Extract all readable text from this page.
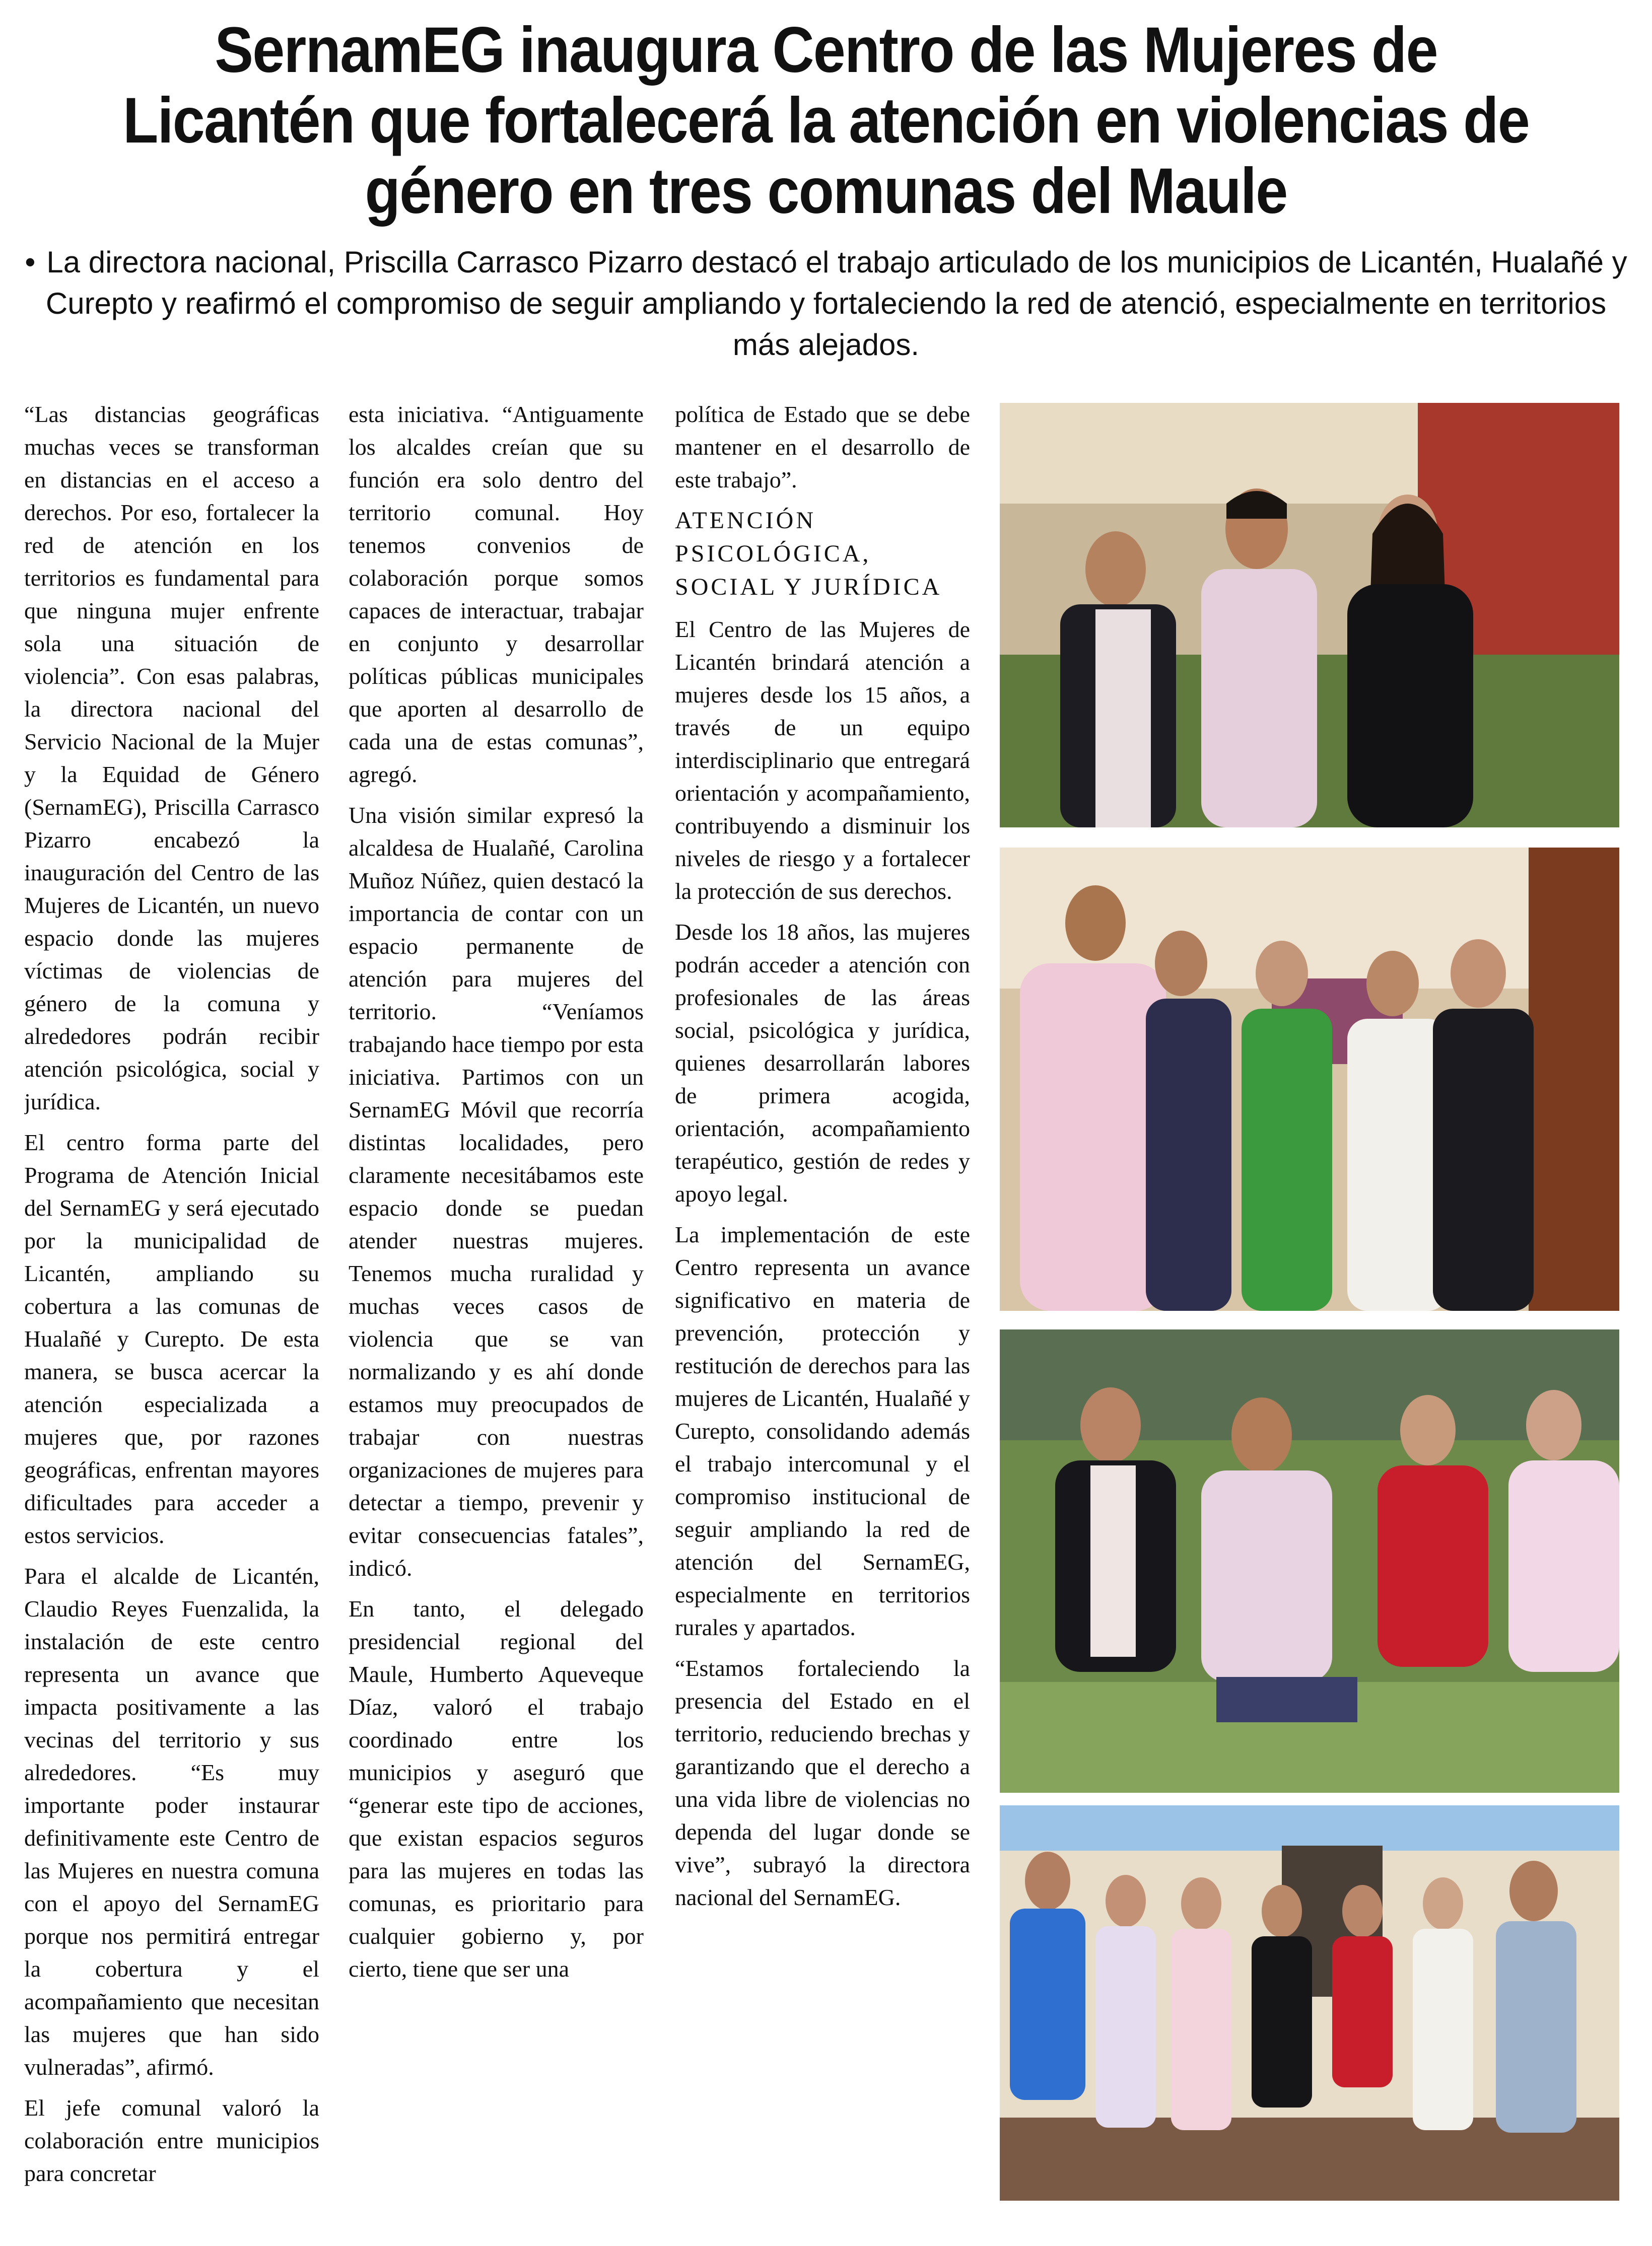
SernamEG inaugura Centro de las Mujeres de Licantén que fortalecerá la atención en violencias de género en tres comunas del Maule

• La directora nacional, Priscilla Carrasco Pizarro destacó el trabajo articulado de los municipios de Licantén, Hualañé y Curepto y reafirmó el compromiso de seguir ampliando y fortaleciendo la red de atenció, especialmente en territorios más alejados.

“Las distancias geográficas muchas veces se transforman en distancias en el acceso a derechos. Por eso, fortalecer la red de atención en los territorios es fundamental para que ninguna mujer enfrente sola una situación de violencia”. Con esas palabras, la directora nacional del Servicio Nacional de la Mujer y la Equidad de Género (SernamEG), Priscilla Carrasco Pizarro encabezó la inauguración del Centro de las Mujeres de Licantén, un nuevo espacio donde las mujeres víctimas de violencias de género de la comuna y alrededores podrán recibir atención psicológica, social y jurídica.

El centro forma parte del Programa de Atención Inicial del SernamEG y será ejecutado por la municipalidad de Licantén, ampliando su cobertura a las comunas de Hualañé y Curepto. De esta manera, se busca acercar la atención especializada a mujeres que, por razones geográficas, enfrentan mayores dificultades para acceder a estos servicios.

Para el alcalde de Licantén, Claudio Reyes Fuenzalida, la instalación de este centro representa un avance que impacta positivamente a las vecinas del territorio y sus alrededores. “Es muy importante poder instaurar definitivamente este Centro de las Mujeres en nuestra comuna con el apoyo del SernamEG porque nos permitirá entregar la cobertura y el acompañamiento que necesitan las mujeres que han sido vulneradas”, afirmó.

El jefe comunal valoró la colaboración entre municipios para concretar

esta iniciativa. “Antiguamente los alcaldes creían que su función era solo dentro del territorio comunal. Hoy tenemos convenios de colaboración porque somos capaces de interactuar, trabajar en conjunto y desarrollar políticas públicas municipales que aporten al desarrollo de cada una de estas comunas”, agregó.

Una visión similar expresó la alcaldesa de Hualañé, Carolina Muñoz Núñez, quien destacó la importancia de contar con un espacio permanente de atención para mujeres del territorio. “Veníamos trabajando hace tiempo por esta iniciativa. Partimos con un SernamEG Móvil que recorría distintas localidades, pero claramente necesitábamos este espacio donde se puedan atender nuestras mujeres. Tenemos mucha ruralidad y muchas veces casos de violencia que se van normalizando y es ahí donde estamos muy preocupados de trabajar con nuestras organizaciones de mujeres para detectar a tiempo, prevenir y evitar consecuencias fatales”, indicó.

En tanto, el delegado presidencial regional del Maule, Humberto Aqueveque Díaz, valoró el trabajo coordinado entre los municipios y aseguró que “generar este tipo de acciones, que existan espacios seguros para las mujeres en todas las comunas, es prioritario para cualquier gobierno y, por cierto, tiene que ser una

política de Estado que se debe mantener en el desarrollo de este trabajo”.

ATENCIÓN PSICOLÓGICA, SOCIAL Y JURÍDICA

El Centro de las Mujeres de Licantén brindará atención a mujeres desde los 15 años, a través de un equipo interdisciplinario que entregará orientación y acompañamiento, contribuyendo a disminuir los niveles de riesgo y a fortalecer la protección de sus derechos.

Desde los 18 años, las mujeres podrán acceder a atención con profesionales de las áreas social, psicológica y jurídica, quienes desarrollarán labores de primera acogida, orientación, acompañamiento terapéutico, gestión de redes y apoyo legal.

La implementación de este Centro representa un avance significativo en materia de prevención, protección y restitución de derechos para las mujeres de Licantén, Hualañé y Curepto, consolidando además el trabajo intercomunal y el compromiso institucional de seguir ampliando la red de atención del SernamEG, especialmente en territorios rurales y apartados.

“Estamos fortaleciendo la presencia del Estado en el territorio, reduciendo brechas y garantizando que el derecho a una vida libre de violencias no dependa del lugar donde se vive”, subrayó la directora nacional del SernamEG.
